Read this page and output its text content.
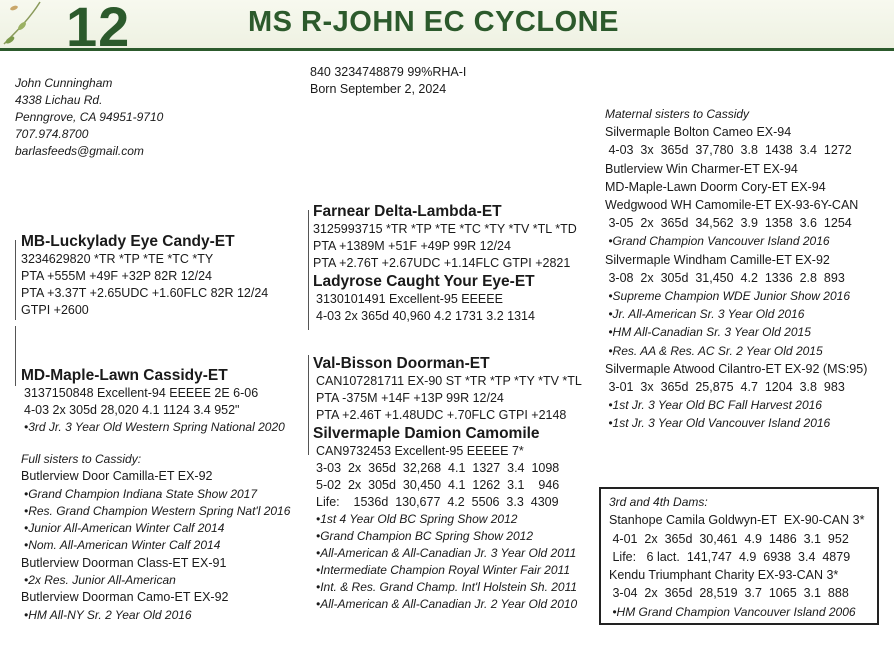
12	MS R-JOHN EC CYCLONE
John Cunningham
4338 Lichau Rd.
Penngrove, CA 94951-9710
707.974.8700
barlasfeeds@gmail.com
840 3234748879 99%RHA-I
Born September 2, 2024
MB-Luckylady Eye Candy-ET
3234629820 *TR *TP *TE *TC *TY
PTA +555M +49F +32P 82R 12/24
PTA +3.37T +2.65UDC +1.60FLC 82R 12/24
GTPI +2600
MD-Maple-Lawn Cassidy-ET
3137150848 Excellent-94 EEEEE 2E 6-06
4-03 2x 305d 28,020 4.1 1124 3.4 952"
•3rd Jr. 3 Year Old Western Spring National 2020
Full sisters to Cassidy:
Butlerview Door Camilla-ET EX-92
•Grand Champion Indiana State Show 2017
•Res. Grand Champion Western Spring Nat'l 2016
•Junior All-American Winter Calf 2014
•Nom. All-American Winter Calf 2014
Butlerview Doorman Class-ET EX-91
•2x Res. Junior All-American
Butlerview Doorman Camo-ET EX-92
•HM All-NY Sr. 2 Year Old 2016
Farnear Delta-Lambda-ET
3125993715 *TR *TP *TE *TC *TY *TV *TL *TD
PTA +1389M +51F +49P 99R 12/24
PTA +2.76T +2.67UDC +1.14FLC GTPI +2821
Ladyrose Caught Your Eye-ET
3130101491 Excellent-95 EEEEE
4-03 2x 365d 40,960 4.2 1731 3.2 1314
Val-Bisson Doorman-ET
CAN107281711 EX-90 ST *TR *TP *TY *TV *TL
PTA -375M +14F +13P 99R 12/24
PTA +2.46T +1.48UDC +.70FLC GTPI +2148
Silvermaple Damion Camomile
CAN9732453 Excellent-95 EEEEE 7*
3-03  2x  365d  32,268  4.1  1327  3.4  1098
5-02  2x  305d  30,450  4.1  1262  3.1    946
Life:    1536d  130,677  4.2  5506  3.3  4309
•1st 4 Year Old BC Spring Show 2012
•Grand Champion BC Spring Show 2012
•All-American & All-Canadian Jr. 3 Year Old 2011
•Intermediate Champion Royal Winter Fair 2011
•Int. & Res. Grand Champ. Int'l Holstein Sh. 2011
•All-American & All-Canadian Jr. 2 Year Old 2010
Maternal sisters to Cassidy
Silvermaple Bolton Cameo EX-94
4-03  3x  365d  37,780  3.8  1438  3.4  1272
Butlerview Win Charmer-ET EX-94
MD-Maple-Lawn Doorm Cory-ET EX-94
Wedgwood WH Camomile-ET EX-93-6Y-CAN
3-05  2x  365d  34,562  3.9  1358  3.6  1254
•Grand Champion Vancouver Island 2016
Silvermaple Windham Camille-ET EX-92
3-08  2x  305d  31,450  4.2  1336  2.8  893
•Supreme Champion WDE Junior Show 2016
•Jr. All-American Sr. 3 Year Old 2016
•HM All-Canadian Sr. 3 Year Old 2015
•Res. AA & Res. AC Sr. 2 Year Old 2015
Silvermaple Atwood Cilantro-ET EX-92 (MS:95)
3-01  3x  365d  25,875  4.7  1204  3.8  983
•1st Jr. 3 Year Old BC Fall Harvest 2016
•1st Jr. 3 Year Old Vancouver Island 2016
3rd and 4th Dams:
Stanhope Camila Goldwyn-ET  EX-90-CAN 3*
4-01  2x  365d  30,461  4.9  1486  3.1  952
Life:   6 lact.  141,747  4.9  6938  3.4  4879
Kendu Triumphant Charity EX-93-CAN 3*
3-04  2x  365d  28,519  3.7  1065  3.1  888
•HM Grand Champion Vancouver Island 2006
